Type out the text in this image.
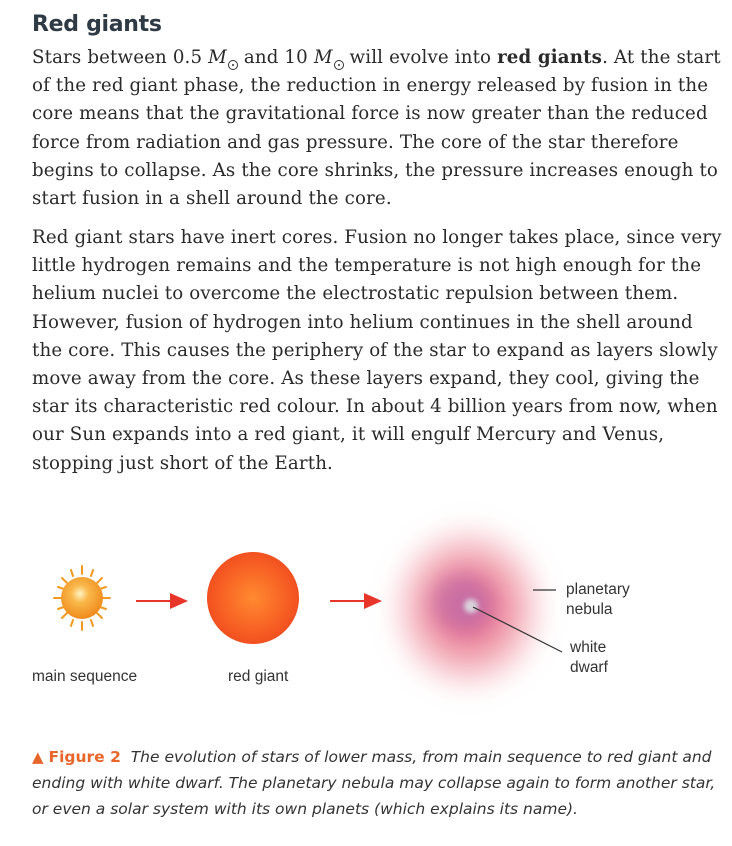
Red giants

Stars between 0.5 M and 10 M will evolve into red giants. At the start of the red giant phase, the reduction in energy released by fusion in the core means that the gravitational force is now greater than the reduced force from radiation and gas pressure. The core of the star therefore begins to collapse. As the core shrinks, the pressure increases enough to start fusion in a shell around the core.

Red giant stars have inert cores. Fusion no longer takes place, since very little hydrogen remains and the temperature is not high enough for the helium nuclei to overcome the electrostatic repulsion between them. However, fusion of hydrogen into helium continues in the shell around the core. This causes the periphery of the star to expand as layers slowly move away from the core. As these layers expand, they cool, giving the star its characteristic red colour. In about 4 billion years from now, when our Sun expands into a red giant, it will engulf Mercury and Venus, stopping just short of the Earth.

main sequence	red giant
planetary
nebula
white
dwarf

▲ Figure 2 The evolution of stars of lower mass, from main sequence to red giant and ending with white dwarf. The planetary nebula may collapse again to form another star, or even a solar system with its own planets (which explains its name).
